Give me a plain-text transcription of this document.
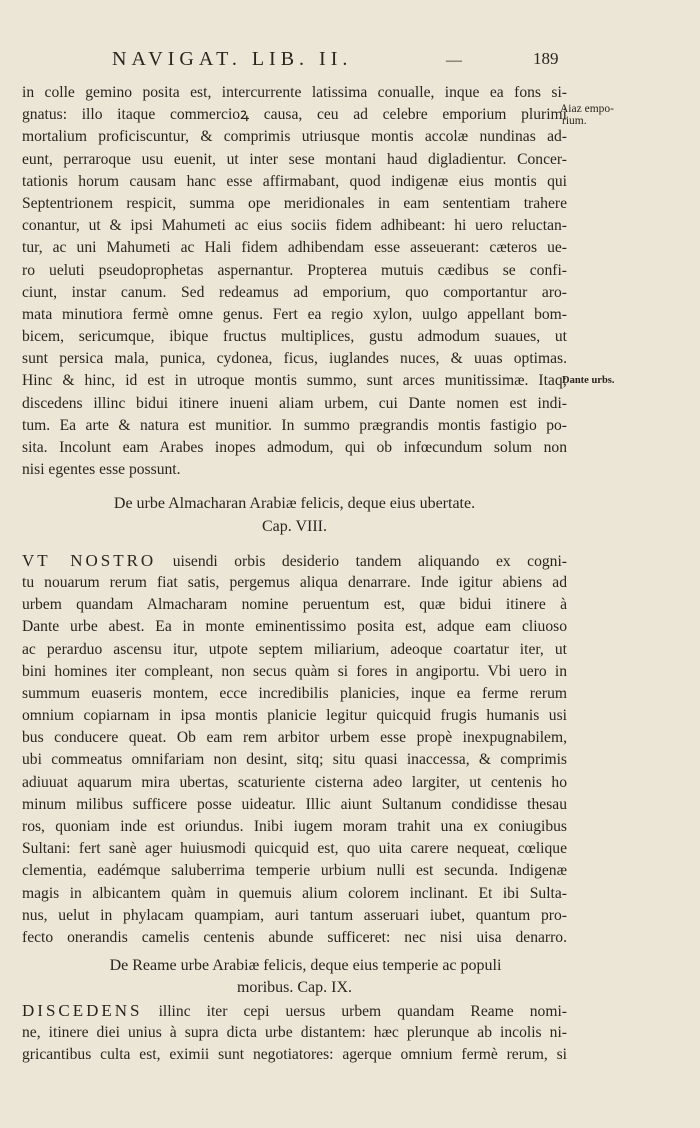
NAVIGAT. LIB. II.	—	189
Aiaz empo-
rium.
Dante urbs.
in colle gemino posita est, intercurrente latissima conualle, inque ea fons si-
gnatus: illo itaque commercioꝝ causa, ceu ad celebre emporium plurimi
mortalium proficiscuntur, & comprimis utriusque montis accolæ nundinas ad-
eunt, perraroque usu euenit, ut inter sese montani haud digladientur. Concer-
tationis horum causam hanc esse affirmabant, quod indigenæ eius montis qui
Septentrionem respicit, summa ope meridionales in eam sententiam trahere
conantur, ut & ipsi Mahumeti ac eius sociis fidem adhibeant: hi uero reluctan-
tur, ac uni Mahumeti ac Hali fidem adhibendam esse asseuerant: cæteros ue-
ro ueluti pseudoprophetas aspernantur. Propterea mutuis cædibus se confi-
ciunt, instar canum. Sed redeamus ad emporium, quo comportantur aro-
mata minutiora fermè omne genus. Fert ea regio xylon, uulgo appellant bom-
bicem, sericumque, ibique fructus multiplices, gustu admodum suaues, ut
sunt persica mala, punica, cydonea, ficus, iuglandes nuces, & uuas optimas.
Hinc & hinc, id est in utroque montis summo, sunt arces munitissimæ. Itaq;
discedens illinc bidui itinere inueni aliam urbem, cui Dante nomen est indi-
tum. Ea arte & natura est munitior. In summo prægrandis montis fastigio po-
sita. Incolunt eam Arabes inopes admodum, qui ob infœcundum solum non
nisi egentes esse possunt.
De urbe Almacharan Arabiæ felicis, deque eius ubertate.
Cap. VIII.
VT NOSTRO uisendi orbis desiderio tandem aliquando ex cogni-
tu nouarum rerum fiat satis, pergemus aliqua denarrare. Inde igitur abiens ad
urbem quandam Almacharam nomine peruentum est, quæ bidui itinere à
Dante urbe abest. Ea in monte eminentissimo posita est, adque eam cliuoso
ac perarduo ascensu itur, utpote septem miliarium, adeoque coartatur iter, ut
bini homines iter compleant, non secus quàm si fores in angiportu. Vbi uero in
summum euaseris montem, ecce incredibilis planicies, inque ea ferme rerum
omnium copiarnam in ipsa montis planicie legitur quicquid frugis humanis usi
bus conducere queat. Ob eam rem arbitor urbem esse propè inexpugnabilem,
ubi commeatus omnifariam non desint, sitq; situ quasi inaccessa, & comprimis
adiuuat aquarum mira ubertas, scaturiente cisterna adeo largiter, ut centenis ho
minum milibus sufficere posse uideatur. Illic aiunt Sultanum condidisse thesau
ros, quoniam inde est oriundus. Inibi iugem moram trahit una ex coniugibus
Sultani: fert sanè ager huiusmodi quicquid est, quo uita carere nequeat, cœlique
clementia, eadémque saluberrima temperie urbium nulli est secunda. Indigenæ
magis in albicantem quàm in quemuis alium colorem inclinant. Et ibi Sulta-
nus, uelut in phylacam quampiam, auri tantum asseruari iubet, quantum pro-
fecto onerandis camelis centenis abunde sufficeret: nec nisi uisa denarro.
De Reame urbe Arabiæ felicis, deque eius temperie ac populi
moribus. Cap. IX.
DISCEDENS illinc iter cepi uersus urbem quandam Reame nomi-
ne, itinere diei unius à supra dicta urbe distantem: hæc plerunque ab incolis ni-
gricantibus culta est, eximii sunt negotiatores: agerque omnium fermè rerum, si
